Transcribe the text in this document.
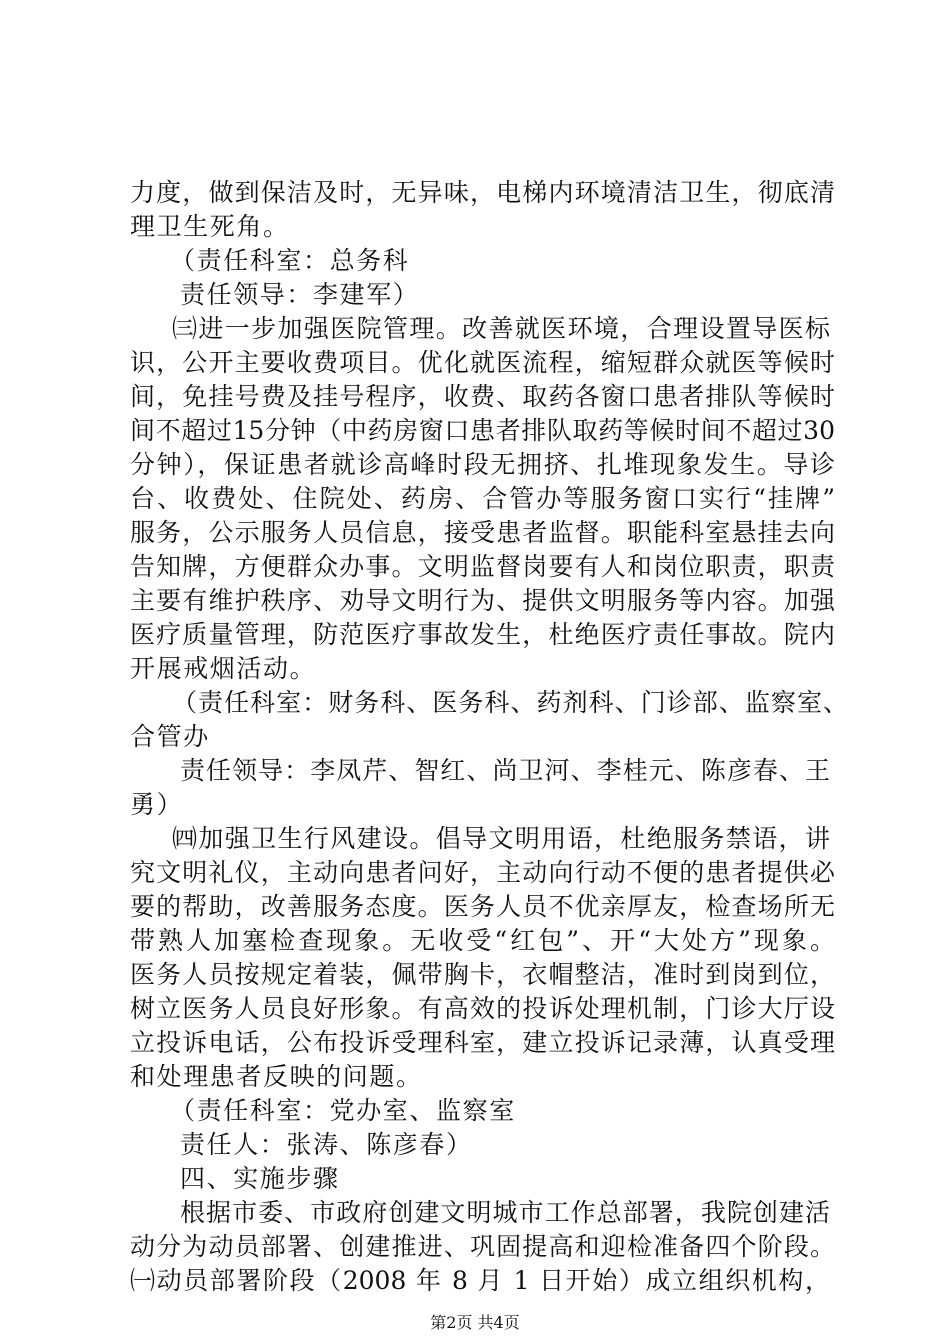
力度，做到保洁及时，无异味，电梯内环境清洁卫生，彻底清
理卫生死角。
（责任科室：总务科
责任领导：李建军）
㈢进一步加强医院管理。改善就医环境，合理设置导医标
识，公开主要收费项目。优化就医流程，缩短群众就医等候时
间，免挂号费及挂号程序，收费、取药各窗口患者排队等候时
间不超过15分钟（中药房窗口患者排队取药等候时间不超过30
分钟），保证患者就诊高峰时段无拥挤、扎堆现象发生。导诊
台、收费处、住院处、药房、合管办等服务窗口实行“挂牌”
服务，公示服务人员信息，接受患者监督。职能科室悬挂去向
告知牌，方便群众办事。文明监督岗要有人和岗位职责，职责
主要有维护秩序、劝导文明行为、提供文明服务等内容。加强
医疗质量管理，防范医疗事故发生，杜绝医疗责任事故。院内
开展戒烟活动。
（责任科室：财务科、医务科、药剂科、门诊部、监察室、
合管办
责任领导：李凤芹、智红、尚卫河、李桂元、陈彦春、王
勇）
㈣加强卫生行风建设。倡导文明用语，杜绝服务禁语，讲
究文明礼仪，主动向患者问好，主动向行动不便的患者提供必
要的帮助，改善服务态度。医务人员不优亲厚友，检查场所无
带熟人加塞检查现象。无收受“红包”、开“大处方”现象。
医务人员按规定着装，佩带胸卡，衣帽整洁，准时到岗到位，
树立医务人员良好形象。有高效的投诉处理机制，门诊大厅设
立投诉电话，公布投诉受理科室，建立投诉记录薄，认真受理
和处理患者反映的问题。
（责任科室：党办室、监察室
责任人：张涛、陈彦春）
四、实施步骤
根据市委、市政府创建文明城市工作总部署，我院创建活
动分为动员部署、创建推进、巩固提高和迎检准备四个阶段。
㈠动员部署阶段（2008 年 8 月 1 日开始）成立组织机构，
第2页 共4页
